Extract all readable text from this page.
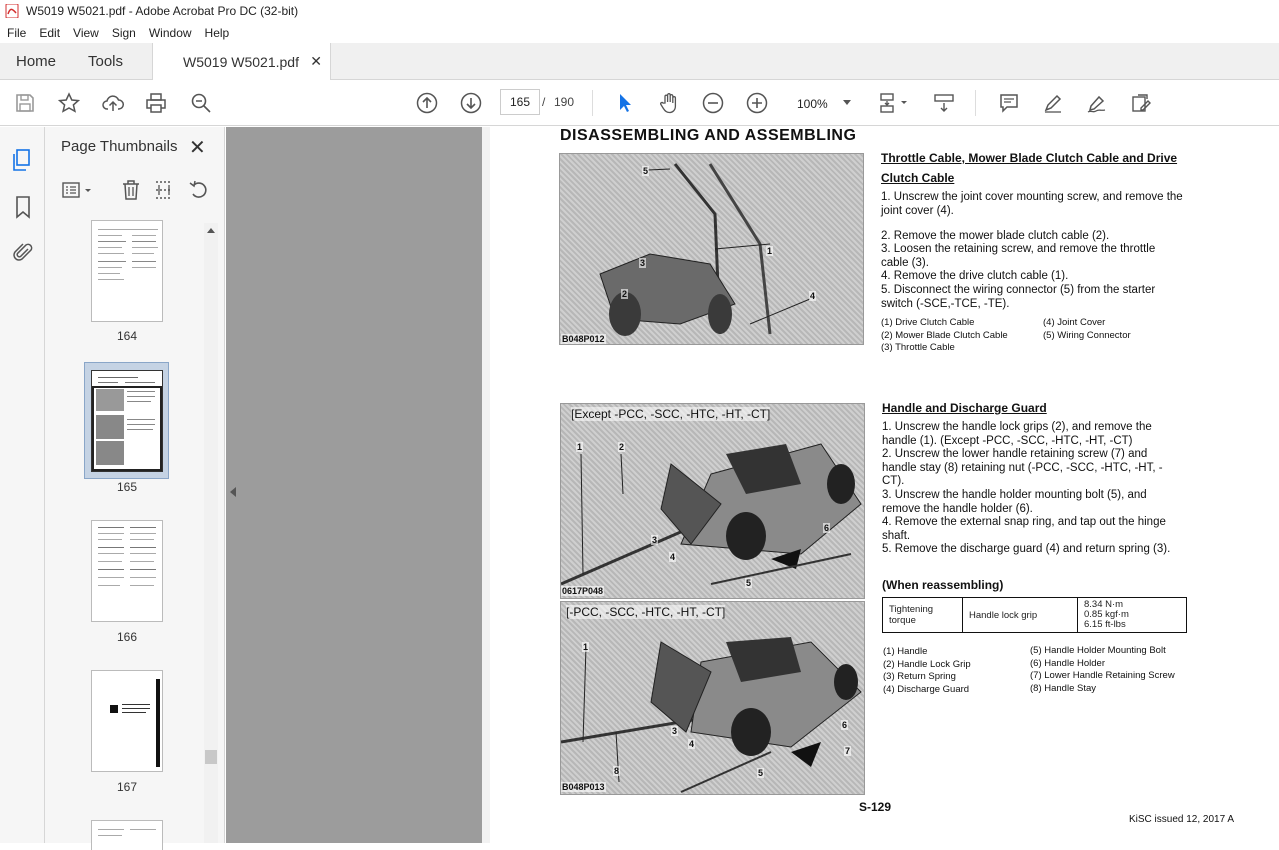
W5019 W5021.pdf - Adobe Acrobat Pro DC (32-bit)
File	Edit	View	Sign	Window	Help
Home Tools	W5019 W5021.pdf ✕
165 / 190	100%
Page Thumbnails ✕
164
165
166
167
DISASSEMBLING AND ASSEMBLING
5
1
3
2	4
B048P012
Throttle Cable, Mower Blade Clutch Cable and Drive
Clutch Cable
1. Unscrew the joint cover mounting screw, and remove the joint cover (4).
2. Remove the mower blade clutch cable (2).
3. Loosen the retaining screw, and remove the throttle cable (3).
4. Remove the drive clutch cable (1).
5. Disconnect the wiring connector (5) from the starter switch (-SCE,-TCE, -TE).
(1) Drive Clutch Cable
(2) Mower Blade Clutch Cable
(3) Throttle Cable
(4) Joint Cover
(5) Wiring Connector
[Except -PCC, -SCC, -HTC, -HT, -CT]
1	2
3
4
6
5
0617P048
[-PCC, -SCC, -HTC, -HT, -CT]
1
3
4
6
7
5
8
B048P013
Handle and Discharge Guard
1. Unscrew the handle lock grips (2), and remove the handle (1). (Except -PCC, -SCC, -HTC, -HT, -CT)
2. Unscrew the lower handle retaining screw (7) and handle stay (8) retaining nut (-PCC, -SCC, -HTC, -HT, -CT).
3. Unscrew the handle holder mounting bolt (5), and remove the handle holder (6).
4. Remove the external snap ring, and tap out the hinge shaft.
5. Remove the discharge guard (4) and return spring (3).
(When reassembling)
Tightening torque	Handle lock grip	
8.34 N·m
0.85 kgf·m
6.15 ft-lbs
(1) Handle
(2) Handle Lock Grip
(3) Return Spring
(4) Discharge Guard
(5) Handle Holder Mounting Bolt
(6) Handle Holder
(7) Lower Handle Retaining Screw
(8) Handle Stay
S-129
KiSC issued 12, 2017 A
